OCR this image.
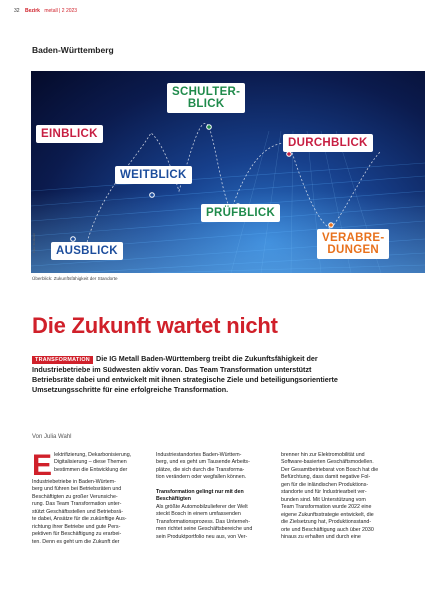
32 Bezirk metall | 2 2023
Baden-Württemberg
SCHULTER-
BLICK
EINBLICK
DURCHBLICK
WEITBLICK
PRÜFBLICK
VERABRE-
DUNGEN
AUSBLICK
Foto: IG Metall
Überblick: Zukunftsfähigkeit der Standorte
Die Zukunft wartet nicht
TRANSFORMATION Die IG Metall Baden-Württemberg treibt die Zukunftsfähigkeit der Industriebetriebe im Südwesten aktiv voran. Das Team Transformation unterstützt Betriebsräte dabei und entwickelt mit ihnen strategische Ziele und beteiligungsorientierte Umsetzungsschritte für eine erfolgreiche Transformation.
Von Julia Wahl
E lektrifizierung, Dekarbonisierung,

Digitalisierung – diese Themen

bestimmen die Entwicklung der

Industriebetriebe in Baden-Würtem-

berg und führen bei Betriebsräten und

Beschäftigten zu großer Verunsiche-

rung. Das Team Transformation unter-

stützt Geschäftsstellen und Betriebsrä-

te dabei, Ansätze für die zukünftige Aus-

richtung ihrer Betriebe und gute Pers-

pektiven für Beschäftigung zu erarbei-

ten. Denn es geht um die Zukunft der

Industriestandortes Baden-Württem-

berg, und es geht um Tausende Arbeits-

plätze, die sich durch die Transforma-

tion verändern oder wegfallen können.

Transformation gelingt nur mit den Beschäftigten

Als größte Automobilzulieferer der Welt

steckt Bosch in einem umfassenden

Transformationsprozess. Das Unterneh-

men richtet seine Geschäftsbereiche und

sein Produktportfolio neu aus, von Ver-

brenner hin zur Elektromobilität und

Software-basierten Geschäftsmodellen.

Der Gesamtbetriebsrat von Bosch hat die

Befürchtung, dass damit negative Fol-

gen für die inländischen Produktions-

standorte und für Industriearbeit ver-

bunden sind. Mit Unterstützung vom

Team Transformation wurde 2022 eine

eigene Zukunftsstrategie entwickelt, die

die Zielsetzung hat, Produktionsstand-

orte und Beschäftigung auch über 2030

hinaus zu erhalten und durch eine
